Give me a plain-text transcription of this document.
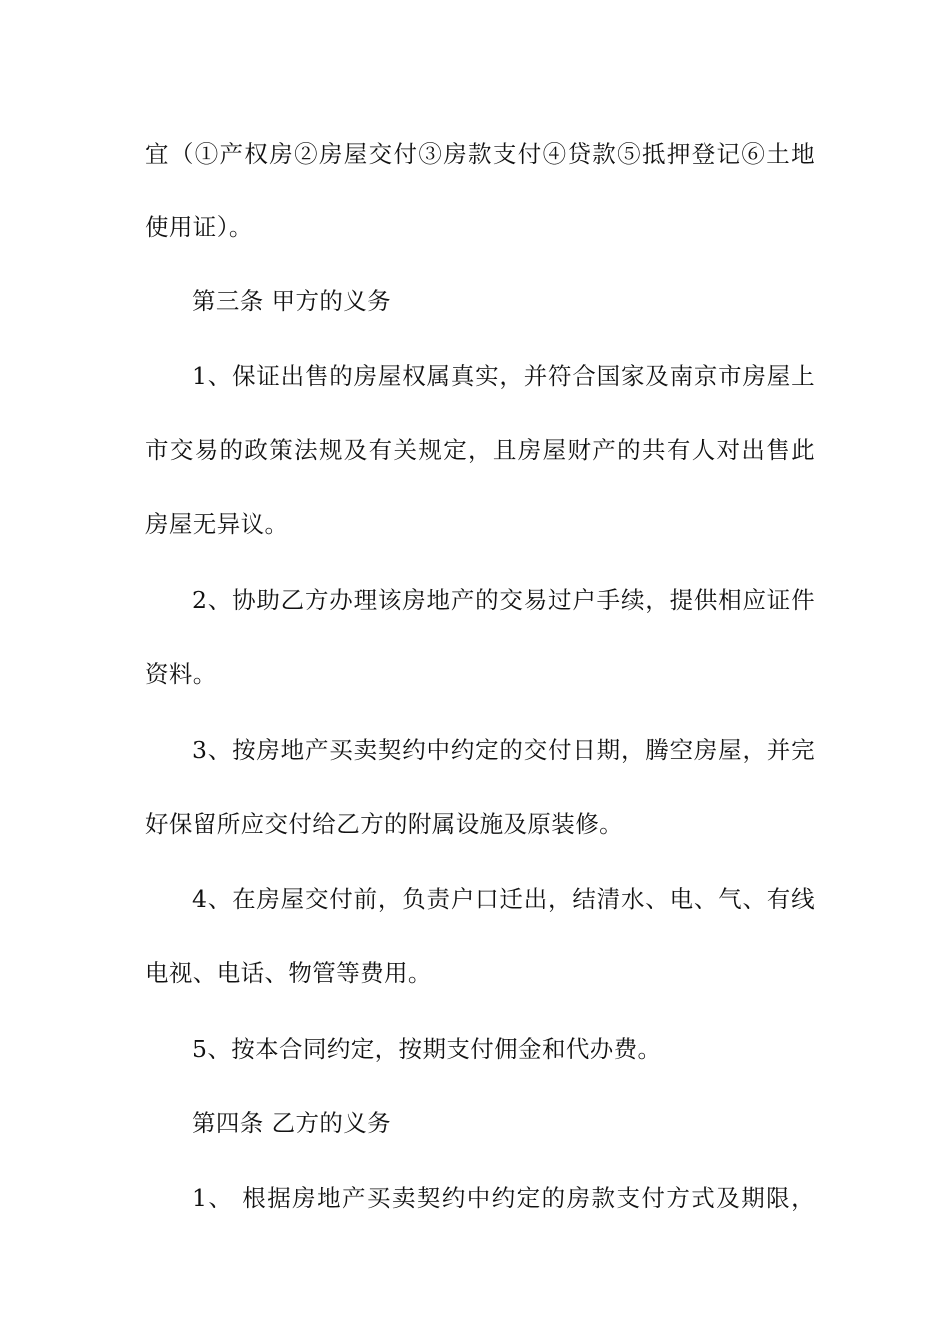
宜（①产权房②房屋交付③房款支付④贷款⑤抵押登记⑥土地
使用证）。
第三条 甲方的义务
1、保证出售的房屋权属真实，并符合国家及南京市房屋上
市交易的政策法规及有关规定，且房屋财产的共有人对出售此
房屋无异议。
2、协助乙方办理该房地产的交易过户手续，提供相应证件
资料。
3、按房地产买卖契约中约定的交付日期，腾空房屋，并完
好保留所应交付给乙方的附属设施及原装修。
4、在房屋交付前，负责户口迁出，结清水、电、气、有线
电视、电话、物管等费用。
5、按本合同约定，按期支付佣金和代办费。
第四条 乙方的义务
1、 根据房地产买卖契约中约定的房款支付方式及期限，
